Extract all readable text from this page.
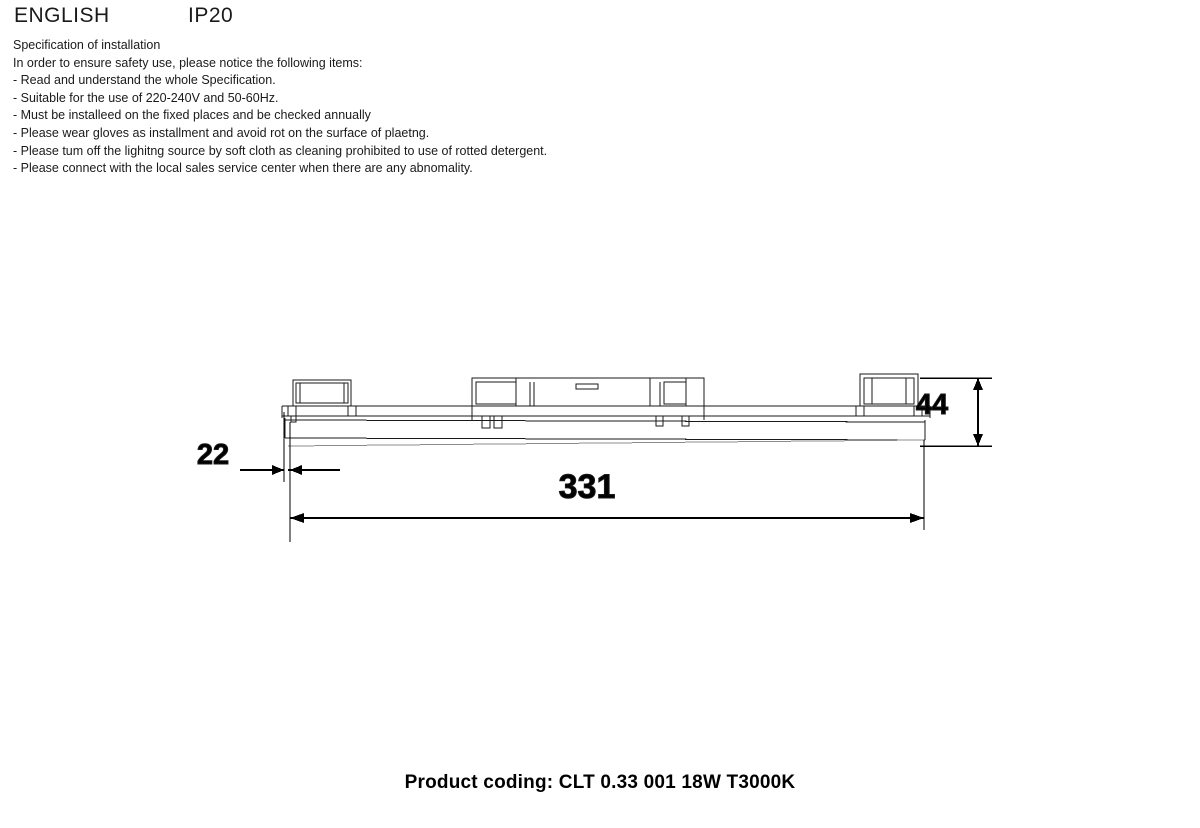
ENGLISH	IP20
Specification of installation
In order to ensure safety use, please notice the following items:
- Read and understand the whole Specification.
- Suitable for the use of 220-240V and 50-60Hz.
- Must be installeed on the fixed places and be checked annually
- Please wear gloves as installment and avoid rot on the surface of plaetng.
- Please tum off the lighitng source by soft cloth as cleaning prohibited to use of rotted detergent.
- Please connect with the local sales service center when there are any abnomality.
44
22
331
Product coding: CLT 0.33 001 18W T3000K
